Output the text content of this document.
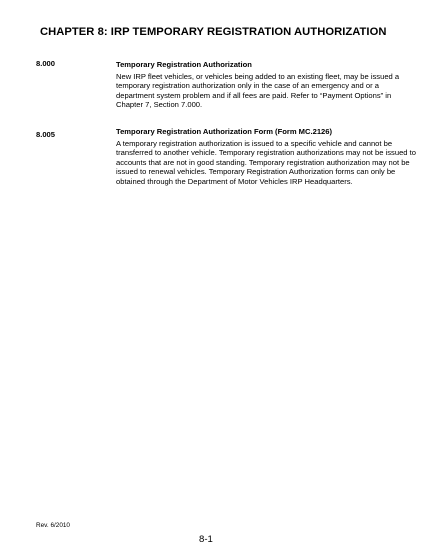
CHAPTER 8: IRP TEMPORARY REGISTRATION AUTHORIZATION
8.000	Temporary Registration Authorization
New IRP fleet vehicles, or vehicles being added to an existing fleet, may be issued a temporary registration authorization only in the case of an emergency and or a department system problem and if all fees are paid. Refer to “Payment Options” in Chapter 7, Section 7.000.
8.005	Temporary Registration Authorization Form (Form MC.2126)
A temporary registration authorization is issued to a specific vehicle and cannot be transferred to another vehicle. Temporary registration authorizations may not be issued to accounts that are not in good standing. Temporary registration authorization may not be issued to renewal vehicles. Temporary Registration Authorization forms can only be obtained through the Department of Motor Vehicles IRP Headquarters.
Rev. 6/2010
8-1
